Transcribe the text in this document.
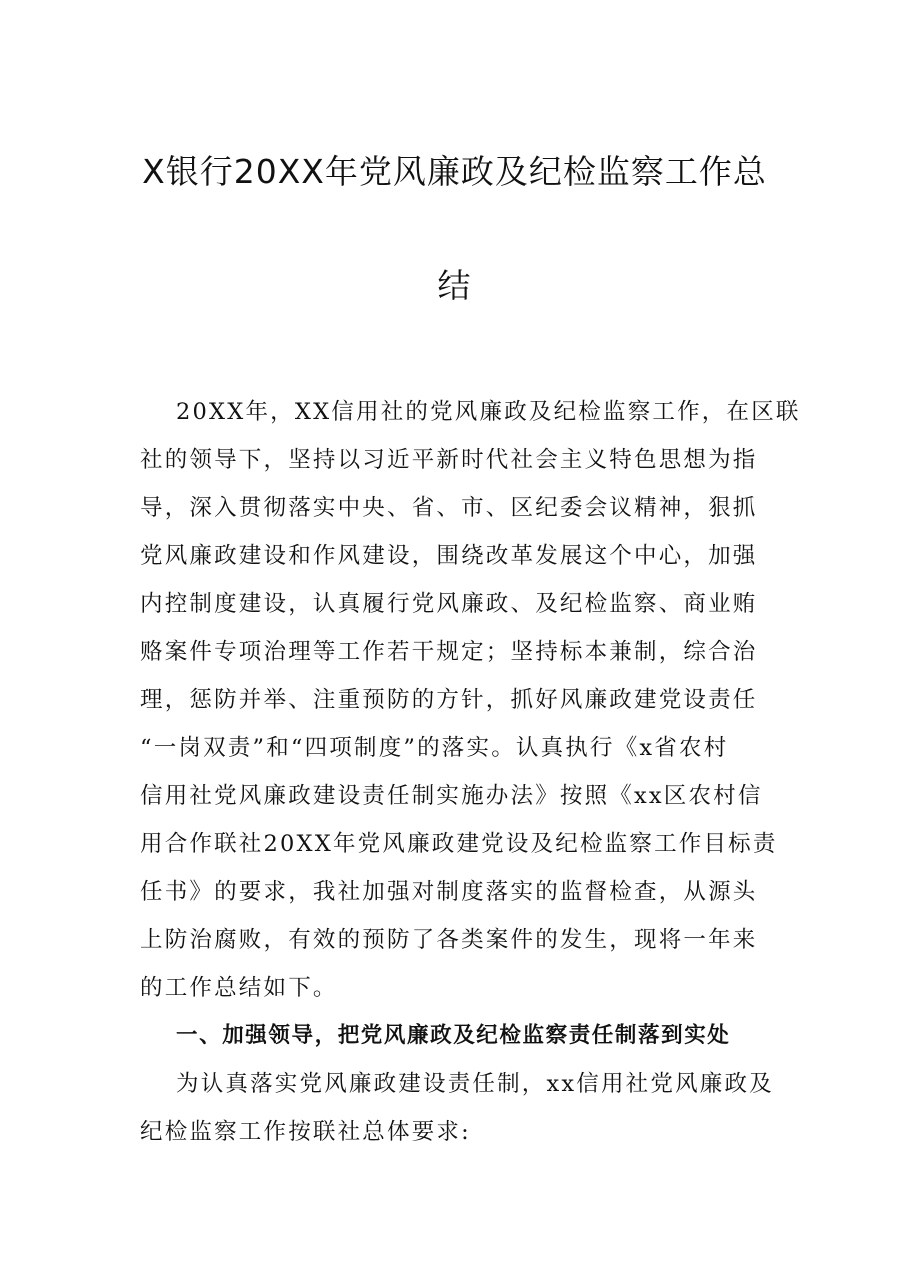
X银行20XX年党风廉政及纪检监察工作总
结

20XX年，XX信用社的党风廉政及纪检监察工作，在区联

社的领导下，坚持以习近平新时代社会主义特色思想为指

导，深入贯彻落实中央、省、市、区纪委会议精神，狠抓

党风廉政建设和作风建设，围绕改革发展这个中心，加强

内控制度建设，认真履行党风廉政、及纪检监察、商业贿

赂案件专项治理等工作若干规定；坚持标本兼制，综合治

理，惩防并举、注重预防的方针，抓好风廉政建党设责任

“一岗双责”和“四项制度”的落实。认真执行《x省农村

信用社党风廉政建设责任制实施办法》按照《xx区农村信

用合作联社20XX年党风廉政建党设及纪检监察工作目标责

任书》的要求，我社加强对制度落实的监督检查，从源头

上防治腐败，有效的预防了各类案件的发生，现将一年来

的工作总结如下。

一、加强领导，把党风廉政及纪检监察责任制落到实处

为认真落实党风廉政建设责任制，xx信用社党风廉政及

纪检监察工作按联社总体要求:
